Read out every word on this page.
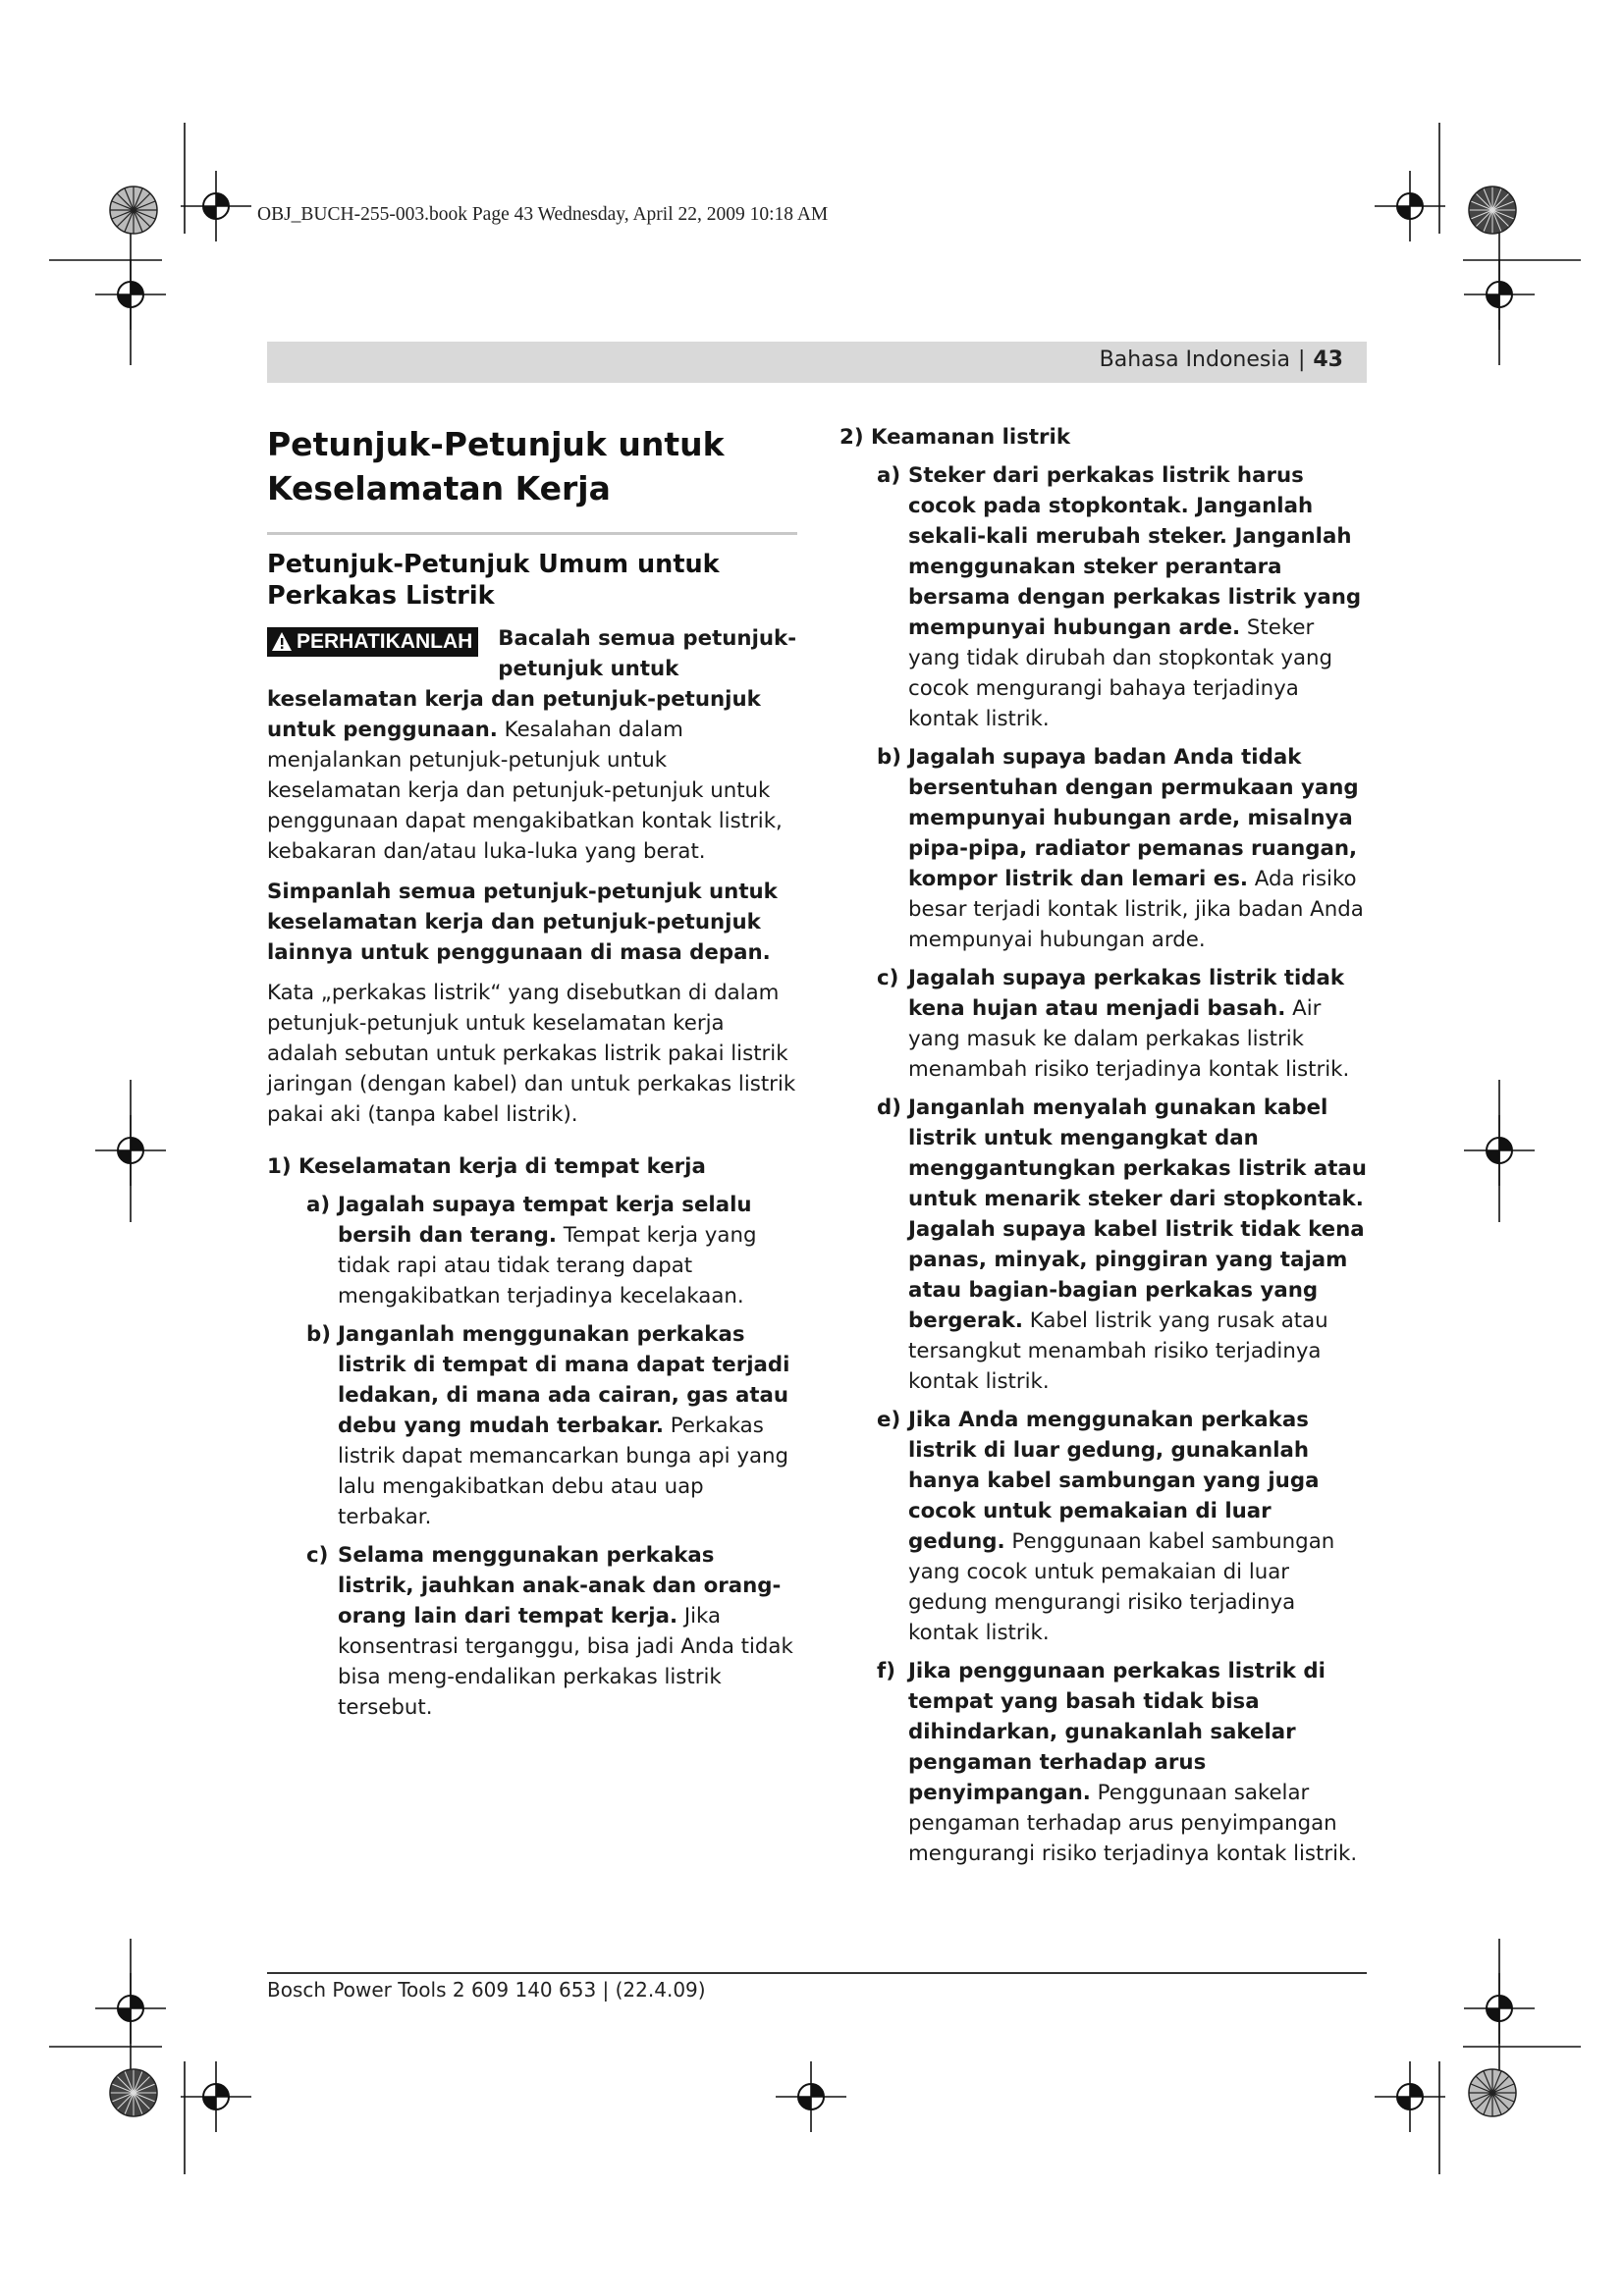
OBJ_BUCH-255-003.book Page 43 Wednesday, April 22, 2009 10:18 AM
Bahasa Indonesia | 43
Petunjuk-Petunjuk untuk Keselamatan Kerja
Petunjuk-Petunjuk Umum untuk Perkakas Listrik
PERHATIKANLAH Bacalah semua petunjuk-petunjuk untuk keselamatan kerja dan petunjuk-petunjuk untuk penggunaan. Kesalahan dalam menjalankan petunjuk-petunjuk untuk keselamatan kerja dan petunjuk-petunjuk untuk penggunaan dapat mengakibatkan kontak listrik, kebakaran dan/atau luka-luka yang berat.

Simpanlah semua petunjuk-petunjuk untuk keselamatan kerja dan petunjuk-petunjuk lainnya untuk penggunaan di masa depan.

Kata „perkakas listrik“ yang disebutkan di dalam petunjuk-petunjuk untuk keselamatan kerja adalah sebutan untuk perkakas listrik pakai listrik jaringan (dengan kabel) dan untuk perkakas listrik pakai aki (tanpa kabel listrik).

1) Keselamatan kerja di tempat kerja
a) Jagalah supaya tempat kerja selalu bersih dan terang. Tempat kerja yang tidak rapi atau tidak terang dapat mengakibatkan terjadinya kecelakaan.
b) Janganlah menggunakan perkakas listrik di tempat di mana dapat terjadi ledakan, di mana ada cairan, gas atau debu yang mudah terbakar. Perkakas listrik dapat memancarkan bunga api yang lalu mengakibatkan debu atau uap terbakar.
c) Selama menggunakan perkakas listrik, jauhkan anak-anak dan orang-orang lain dari tempat kerja. Jika konsentrasi terganggu, bisa jadi Anda tidak bisa meng-endalikan perkakas listrik tersebut.
2) Keamanan listrik
a) Steker dari perkakas listrik harus cocok pada stopkontak. Janganlah sekali-kali merubah steker. Janganlah menggunakan steker perantara bersama dengan perkakas listrik yang mempunyai hubungan arde. Steker yang tidak dirubah dan stopkontak yang cocok mengurangi bahaya terjadinya kontak listrik.
b) Jagalah supaya badan Anda tidak bersentuhan dengan permukaan yang mempunyai hubungan arde, misalnya pipa-pipa, radiator pemanas ruangan, kompor listrik dan lemari es. Ada risiko besar terjadi kontak listrik, jika badan Anda mempunyai hubungan arde.
c) Jagalah supaya perkakas listrik tidak kena hujan atau menjadi basah. Air yang masuk ke dalam perkakas listrik menambah risiko terjadinya kontak listrik.
d) Janganlah menyalah gunakan kabel listrik untuk mengangkat dan menggantungkan perkakas listrik atau untuk menarik steker dari stopkontak. Jagalah supaya kabel listrik tidak kena panas, minyak, pinggiran yang tajam atau bagian-bagian perkakas yang bergerak. Kabel listrik yang rusak atau tersangkut menambah risiko terjadinya kontak listrik.
e) Jika Anda menggunakan perkakas listrik di luar gedung, gunakanlah hanya kabel sambungan yang juga cocok untuk pemakaian di luar gedung. Penggunaan kabel sambungan yang cocok untuk pemakaian di luar gedung mengurangi risiko terjadinya kontak listrik.
f) Jika penggunaan perkakas listrik di tempat yang basah tidak bisa dihindarkan, gunakanlah sakelar pengaman terhadap arus penyimpangan. Penggunaan sakelar pengaman terhadap arus penyimpangan mengurangi risiko terjadinya kontak listrik.
Bosch Power Tools 2 609 140 653 | (22.4.09)
